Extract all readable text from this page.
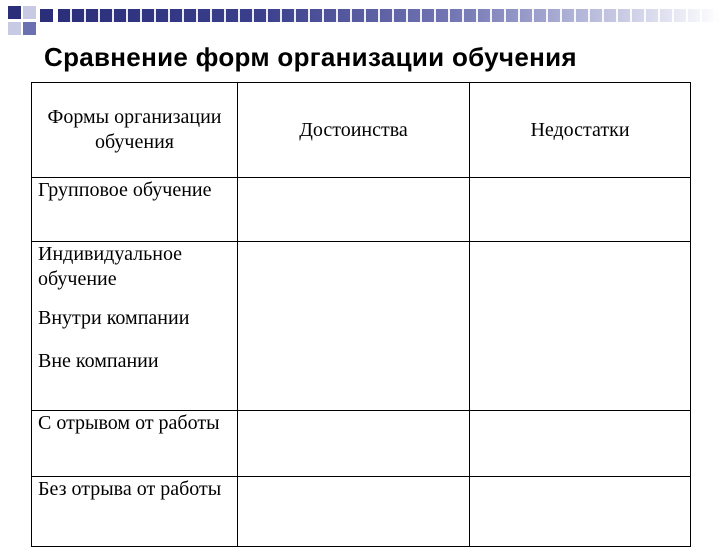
Сравнение форм организации обучения
Формы организации обучения	Достоинства	Недостатки
Групповое обучение		

Индивидуальное обучение
Внутри компании
Вне компании		

С отрывом от работы		
Без отрыва от работы		
